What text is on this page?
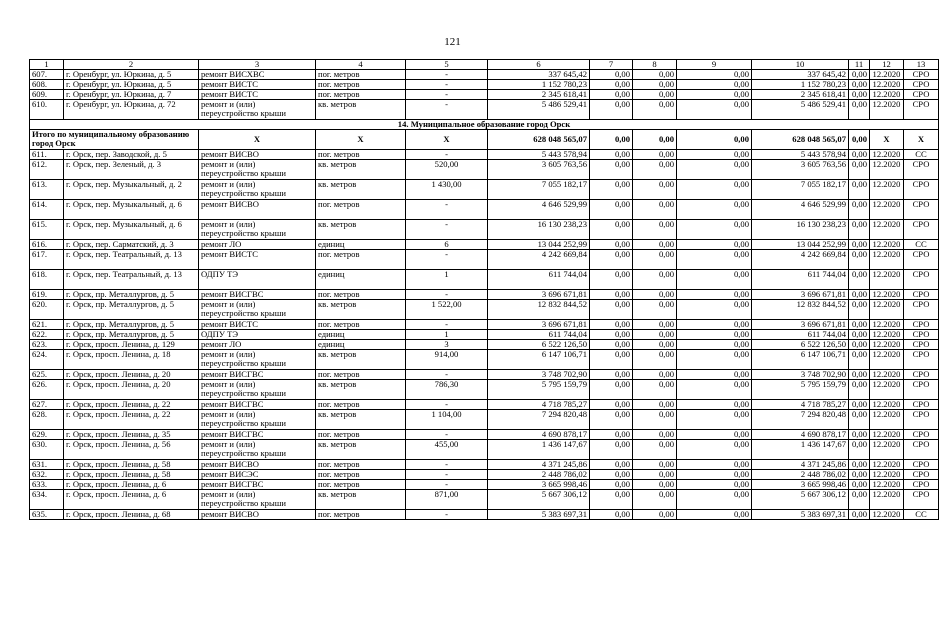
121
1	2	3	4	5	6	7	8	9	10	11	12	13
607.	г. Оренбург, ул. Юркина, д. 5	ремонт ВИСХВС	пог. метров	-	337 645,42	0,00	0,00	0,00	337 645,42	0,00	12.2020	СРО
608.	г. Оренбург, ул. Юркина, д. 5	ремонт ВИСТС	пог. метров	-	1 152 780,23	0,00	0,00	0,00	1 152 780,23	0,00	12.2020	СРО
609.	г. Оренбург, ул. Юркина, д. 7	ремонт ВИСТС	пог. метров	-	2 345 618,41	0,00	0,00	0,00	2 345 618,41	0,00	12.2020	СРО
610.	г. Оренбург, ул. Юркина, д. 72	ремонт и (или) переустройство крыши	кв. метров	-	5 486 529,41	0,00	0,00	0,00	5 486 529,41	0,00	12.2020	СРО
14. Муниципальное образование город Орск												
Итого по муниципальному образованию город Орск		X	X	X	628 048 565,07	0,00	0,00	0,00	628 048 565,07	0,00	X	X
611.	г. Орск, пер. Заводской, д. 5	ремонт ВИСВО	пог. метров	-	5 443 578,94	0,00	0,00	0,00	5 443 578,94	0,00	12.2020	СС
612.	г. Орск, пер. Зеленый, д. 3	ремонт и (или) переустройство крыши	кв. метров	520,00	3 605 763,56	0,00	0,00	0,00	3 605 763,56	0,00	12.2020	СРО
613.	г. Орск, пер. Музыкальный, д. 2	ремонт и (или) переустройство крыши	кв. метров	1 430,00	7 055 182,17	0,00	0,00	0,00	7 055 182,17	0,00	12.2020	СРО
614.	г. Орск, пер. Музыкальный, д. 6	ремонт ВИСВО	пог. метров	-	4 646 529,99	0,00	0,00	0,00	4 646 529,99	0,00	12.2020	СРО
615.	г. Орск, пер. Музыкальный, д. 6	ремонт и (или) переустройство крыши	кв. метров	-	16 130 238,23	0,00	0,00	0,00	16 130 238,23	0,00	12.2020	СРО
616.	г. Орск, пер. Сарматский, д. 3	ремонт ЛО	единиц	6	13 044 252,99	0,00	0,00	0,00	13 044 252,99	0,00	12.2020	СС
617.	г. Орск, пер. Театральный, д. 13	ремонт ВИСТС	пог. метров	-	4 242 669,84	0,00	0,00	0,00	4 242 669,84	0,00	12.2020	СРО
618.	г. Орск, пер. Театральный, д. 13	ОДПУ ТЭ	единиц	1	611 744,04	0,00	0,00	0,00	611 744,04	0,00	12.2020	СРО
619.	г. Орск, пр. Металлургов, д. 5	ремонт ВИСГВС	пог. метров	-	3 696 671,81	0,00	0,00	0,00	3 696 671,81	0,00	12.2020	СРО
620.	г. Орск, пр. Металлургов, д. 5	ремонт и (или) переустройство крыши	кв. метров	1 522,00	12 832 844,52	0,00	0,00	0,00	12 832 844,52	0,00	12.2020	СРО
621.	г. Орск, пр. Металлургов, д. 5	ремонт ВИСТС	пог. метров	-	3 696 671,81	0,00	0,00	0,00	3 696 671,81	0,00	12.2020	СРО
622.	г. Орск, пр. Металлургов, д. 5	ОДПУ ТЭ	единиц	1	611 744,04	0,00	0,00	0,00	611 744,04	0,00	12.2020	СРО
623.	г. Орск, просп. Ленина, д. 129	ремонт ЛО	единиц	3	6 522 126,50	0,00	0,00	0,00	6 522 126,50	0,00	12.2020	СРО
624.	г. Орск, просп. Ленина, д. 18	ремонт и (или) переустройство крыши	кв. метров	914,00	6 147 106,71	0,00	0,00	0,00	6 147 106,71	0,00	12.2020	СРО
625.	г. Орск, просп. Ленина, д. 20	ремонт ВИСГВС	пог. метров	-	3 748 702,90	0,00	0,00	0,00	3 748 702,90	0,00	12.2020	СРО
626.	г. Орск, просп. Ленина, д. 20	ремонт и (или) переустройство крыши	кв. метров	786,30	5 795 159,79	0,00	0,00	0,00	5 795 159,79	0,00	12.2020	СРО
627.	г. Орск, просп. Ленина, д. 22	ремонт ВИСГВС	пог. метров	-	4 718 785,27	0,00	0,00	0,00	4 718 785,27	0,00	12.2020	СРО
628.	г. Орск, просп. Ленина, д. 22	ремонт и (или) переустройство крыши	кв. метров	1 104,00	7 294 820,48	0,00	0,00	0,00	7 294 820,48	0,00	12.2020	СРО
629.	г. Орск, просп. Ленина, д. 35	ремонт ВИСГВС	пог. метров	-	4 690 878,17	0,00	0,00	0,00	4 690 878,17	0,00	12.2020	СРО
630.	г. Орск, просп. Ленина, д. 56	ремонт и (или) переустройство крыши	кв. метров	455,00	1 436 147,67	0,00	0,00	0,00	1 436 147,67	0,00	12.2020	СРО
631.	г. Орск, просп. Ленина, д. 58	ремонт ВИСВО	пог. метров	-	4 371 245,86	0,00	0,00	0,00	4 371 245,86	0,00	12.2020	СРО
632.	г. Орск, просп. Ленина, д. 58	ремонт ВИСЭС	пог. метров	-	2 448 786,02	0,00	0,00	0,00	2 448 786,02	0,00	12.2020	СРО
633.	г. Орск, просп. Ленина, д. 6	ремонт ВИСГВС	пог. метров	-	3 665 998,46	0,00	0,00	0,00	3 665 998,46	0,00	12.2020	СРО
634.	г. Орск, просп. Ленина, д. 6	ремонт и (или) переустройство крыши	кв. метров	871,00	5 667 306,12	0,00	0,00	0,00	5 667 306,12	0,00	12.2020	СРО
635.	г. Орск, просп. Ленина, д. 68	ремонт ВИСВО	пог. метров	-	5 383 697,31	0,00	0,00	0,00	5 383 697,31	0,00	12.2020	СС
